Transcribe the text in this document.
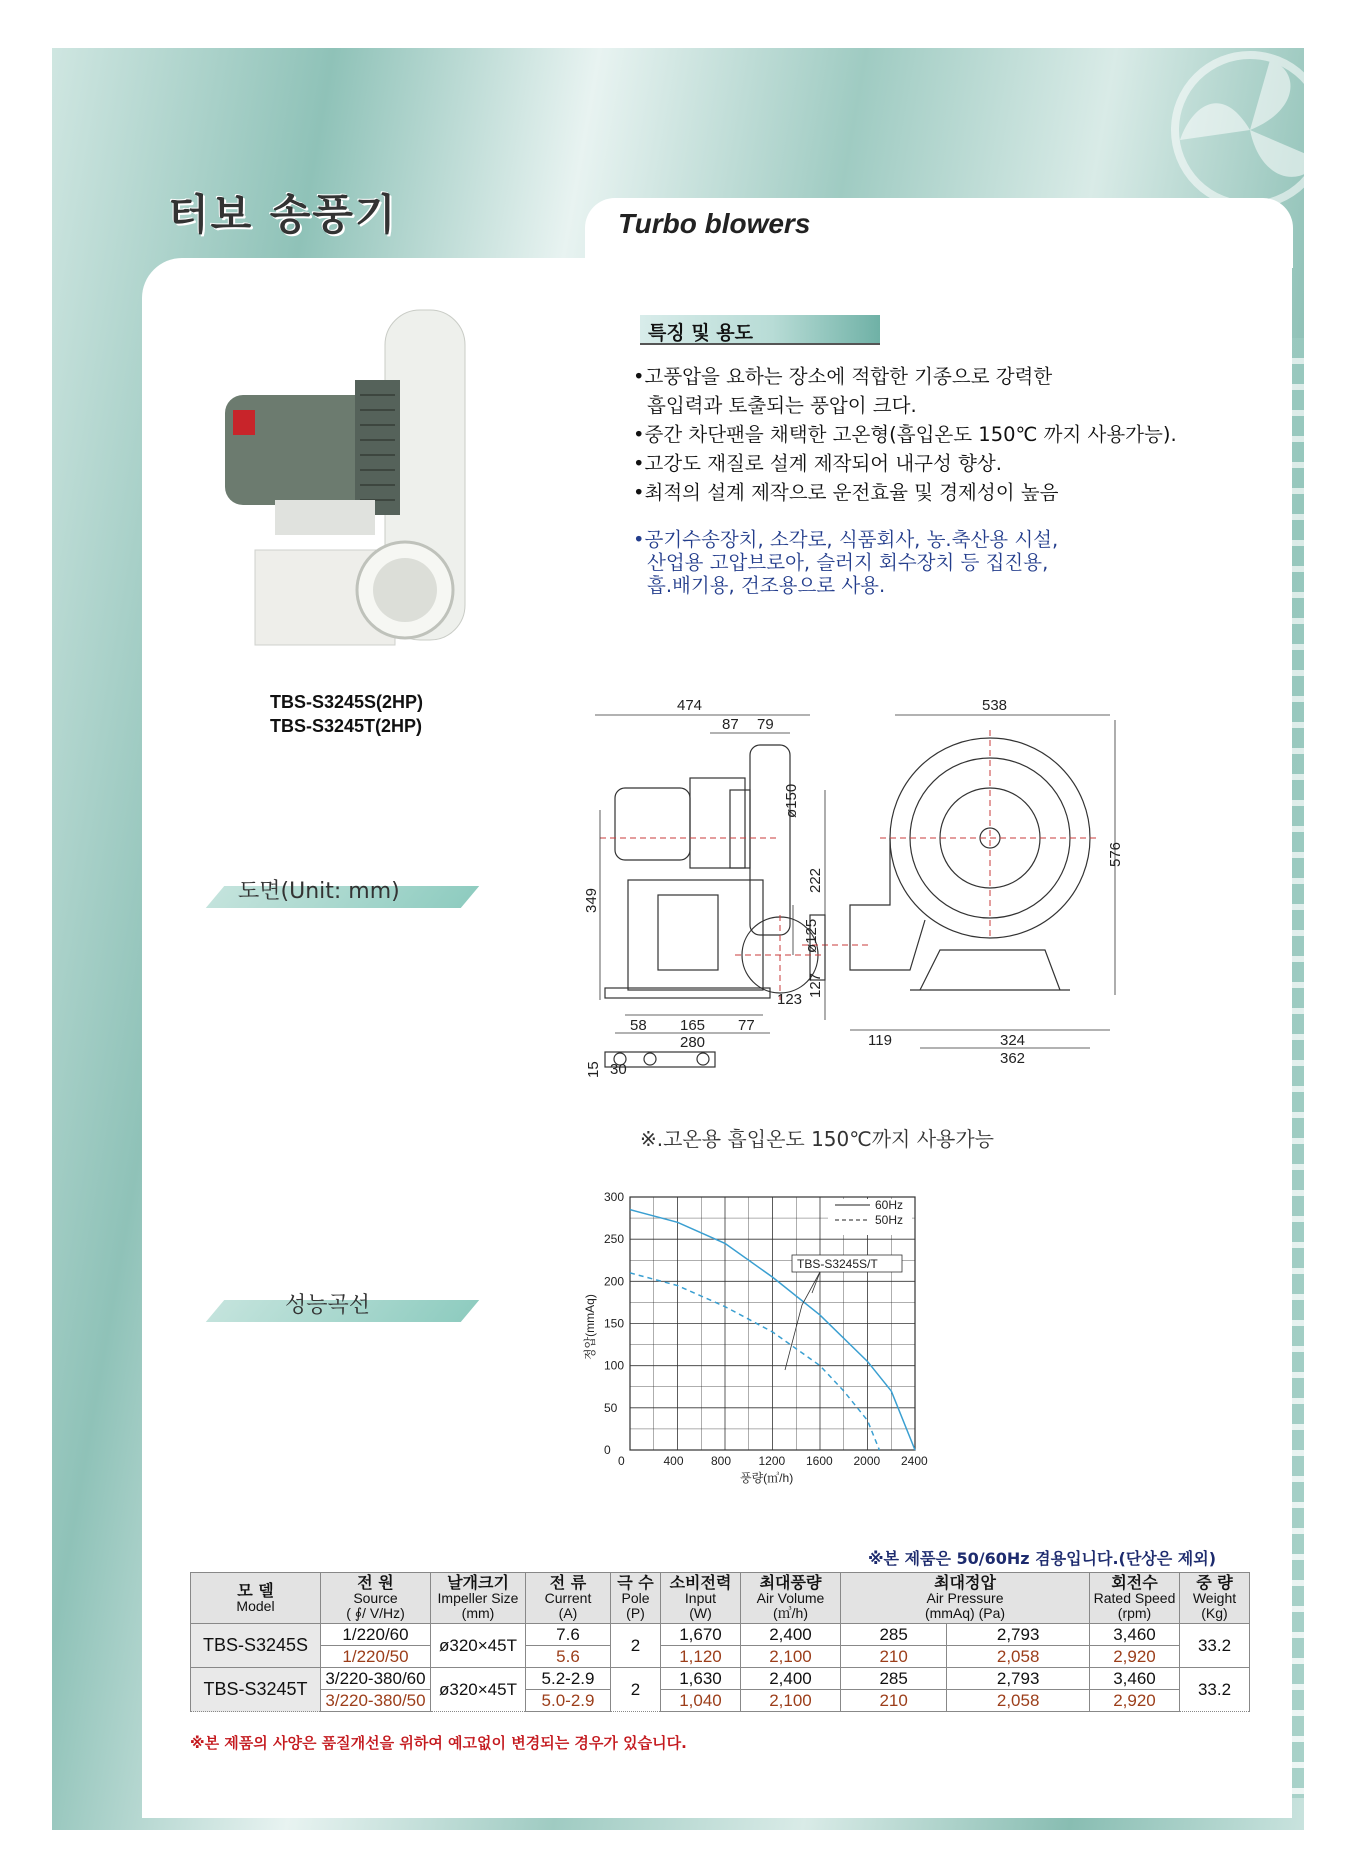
터보 송풍기	Turbo blowers
TBS-S3245S(2HP)
TBS-S3245T(2HP)
특징 및 용도
•고풍압을 요하는 장소에 적합한 기종으로 강력한
흡입력과 토출되는 풍압이 크다.
•중간 차단팬을 채택한 고온형(흡입온도 150℃ 까지 사용가능).
•고강도 재질로 설계 제작되어 내구성 향상.
•최적의 설계 제작으로 운전효율 및 경제성이 높음
•공기수송장치, 소각로, 식품회사, 농.축산용 시설,
산업용 고압브로아, 슬러지 회수장치 등 집진용,
흡.배기용, 건조용으로 사용.
도면(Unit: mm)
성능곡선
474
87 79
ø150
222
349
127
123
58 165 77
280
15 30
538
576
ø125
119	324
362
※.고온용 흡입온도 150℃까지 사용가능
정압(mmAq)
풍량(㎥/h)
0	400 800 1200 1600 2000 2400
0
50
100
150
200
250
300
60Hz
50Hz
TBS-S3245S/T
※본 제품은 50/60Hz 겸용입니다.(단상은 제외)
모 델
Model	전 원
Source
( ∮/ V/Hz)	날개크기
Impeller Size
(mm)	전 류
Current
(A)	극 수
Pole
(P)	소비전력
Input
(W)	최대풍량
Air Volume
(㎥/h)	최대정압
Air Pressure
(mmAq) (Pa)		회전수
Rated Speed
(rpm)	중 량
Weight
(Kg)
TBS-S3245S	1/220/60	ø320×45T	7.6	2	1,670	2,400	285	2,793	3,460	33.2
	1/220/50		5.6		1,120	2,100	210	2,058	2,920	
TBS-S3245T	3/220-380/60	ø320×45T	5.2-2.9	2	1,630	2,400	285	2,793	3,460	33.2
	3/220-380/50		5.0-2.9		1,040	2,100	210	2,058	2,920	
※본 제품의 사양은 품질개선을 위하여 예고없이 변경되는 경우가 있습니다.
